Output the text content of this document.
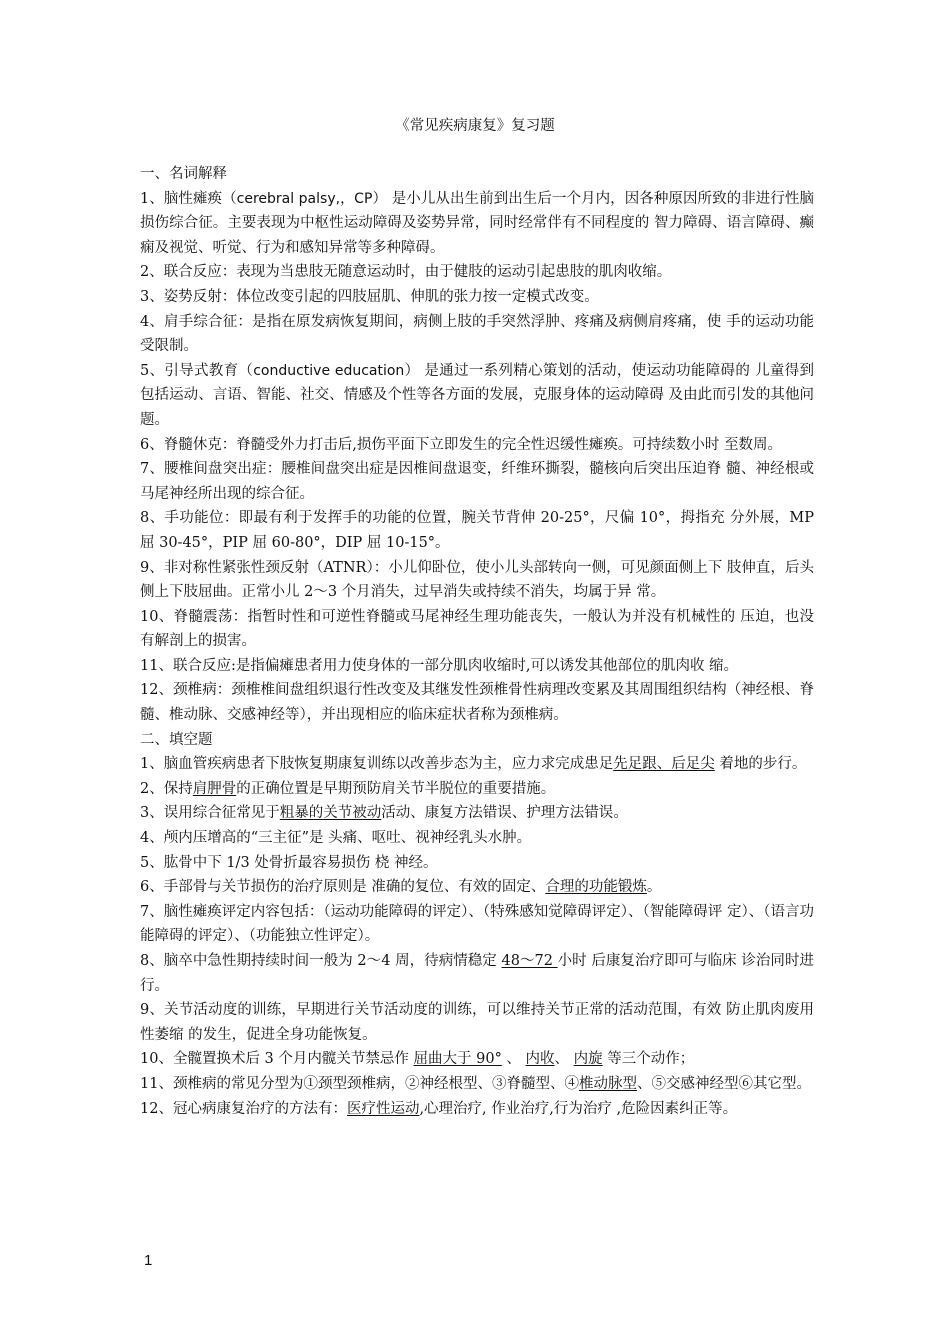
《常见疾病康复》复习题

一、名词解释

1、脑性瘫痪（cerebral palsy,，CP） 是小儿从出生前到出生后一个月内，因各种原因所致的非进行性脑损伤综合征。主要表现为中枢性运动障碍及姿势异常，同时经常伴有不同程度的 智力障碍、语言障碍、癫痫及视觉、听觉、行为和感知异常等多种障碍。

2、联合反应：表现为当患肢无随意运动时，由于健肢的运动引起患肢的肌肉收缩。

3、姿势反射：体位改变引起的四肢屈肌、伸肌的张力按一定模式改变。

4、肩手综合征：是指在原发病恢复期间，病侧上肢的手突然浮肿、疼痛及病侧肩疼痛，使 手的运动功能受限制。

5、引导式教育（conductive education） 是通过一系列精心策划的活动，使运动功能障碍的 儿童得到包括运动、言语、智能、社交、情感及个性等各方面的发展，克服身体的运动障碍 及由此而引发的其他问题。

6、脊髓休克：脊髓受外力打击后,损伤平面下立即发生的完全性迟缓性瘫痪。可持续数小时 至数周。

7、腰椎间盘突出症：腰椎间盘突出症是因椎间盘退变，纤维环撕裂，髓核向后突出压迫脊 髓、神经根或马尾神经所出现的综合征。

8、手功能位：即最有利于发挥手的功能的位置，腕关节背伸 20-25°，尺偏 10°，拇指充 分外展，MP 屈 30-45°，PIP 屈 60-80°，DIP 屈 10-15°。

9、非对称性紧张性颈反射（ATNR）：小儿仰卧位，使小儿头部转向一侧，可见颜面侧上下 肢伸直，后头侧上下肢屈曲。正常小儿 2～3 个月消失，过早消失或持续不消失，均属于异 常。

10、脊髓震荡：指暂时性和可逆性脊髓或马尾神经生理功能丧失，一般认为并没有机械性的 压迫，也没有解剖上的损害。

11、联合反应:是指偏瘫患者用力使身体的一部分肌肉收缩时,可以诱发其他部位的肌肉收 缩。

12、颈椎病：颈椎椎间盘组织退行性改变及其继发性颈椎骨性病理改变累及其周围组织结构（神经根、脊髓、椎动脉、交感神经等），并出现相应的临床症状者称为颈椎病。

二、填空题

1、脑血管疾病患者下肢恢复期康复训练以改善步态为主，应力求完成患足先足跟、后足尖 着地的步行。

2、保持肩胛骨的正确位置是早期预防肩关节半脱位的重要措施。

3、误用综合征常见于粗暴的关节被动活动、康复方法错误、护理方法错误。

4、颅内压增高的“三主征”是 头痛、呕吐、视神经乳头水肿。

5、肱骨中下 1/3 处骨折最容易损伤 桡 神经。

6、手部骨与关节损伤的治疗原则是 准确的复位、有效的固定、合理的功能锻炼。

7、脑性瘫痪评定内容包括：（运动功能障碍的评定）、（特殊感知觉障碍评定）、（智能障碍评 定）、（语言功能障碍的评定）、（功能独立性评定）。

8、脑卒中急性期持续时间一般为 2～4 周，待病情稳定 48～72 小时 后康复治疗即可与临床 诊治同时进行。

9、关节活动度的训练，早期进行关节活动度的训练，可以维持关节正常的活动范围，有效 防止肌肉废用性萎缩 的发生，促进全身功能恢复。

10、全髋置换术后 3 个月内髋关节禁忌作 屈曲大于 90° 、 内收、 内旋 等三个动作；

11、颈椎病的常见分型为①颈型颈椎病，②神经根型、③脊髓型、④椎动脉型、⑤交感神经型⑥其它型。

12、冠心病康复治疗的方法有：医疗性运动,心理治疗, 作业治疗,行为治疗 ,危险因素纠正等。

1
